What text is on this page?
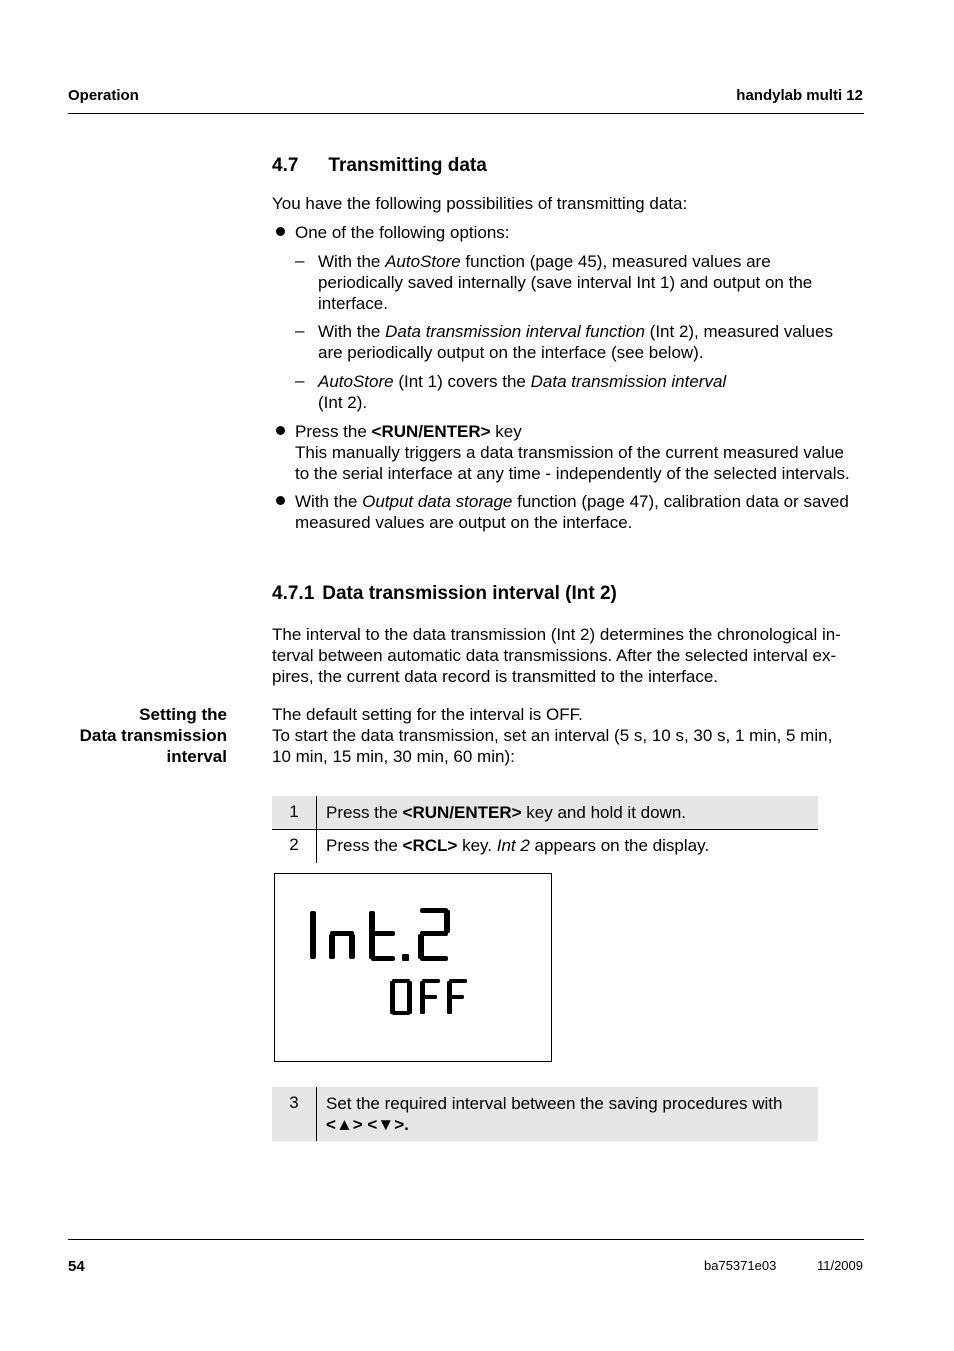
Operation	handylab multi 12
4.7 Transmitting data
You have the following possibilities of transmitting data:
One of the following options:
– With the AutoStore function (page 45), measured values are
periodically saved internally (save interval Int 1) and output on the
interface.
– With the Data transmission interval function (Int 2), measured values
are periodically output on the interface (see below).
– AutoStore (Int 1) covers the Data transmission interval
(Int 2).
Press the <RUN/ENTER> key
This manually triggers a data transmission of the current measured value
to the serial interface at any time - independently of the selected intervals.
With the Output data storage function (page 47), calibration data or saved
measured values are output on the interface.
4.7.1 Data transmission interval (Int 2)
The interval to the data transmission (Int 2) determines the chronological in-
terval between automatic data transmissions. After the selected interval ex-
pires, the current data record is transmitted to the interface.
Setting the
Data transmission
interval
The default setting for the interval is OFF.
To start the data transmission, set an interval (5 s, 10 s, 30 s, 1 min, 5 min,
10 min, 15 min, 30 min, 60 min):
1	Press the <RUN/ENTER> key and hold it down.
2	Press the <RCL> key. Int 2 appears on the display.
3	Set the required interval between the saving procedures with
<▲> <▼>.
54	ba75371e03	11/2009
